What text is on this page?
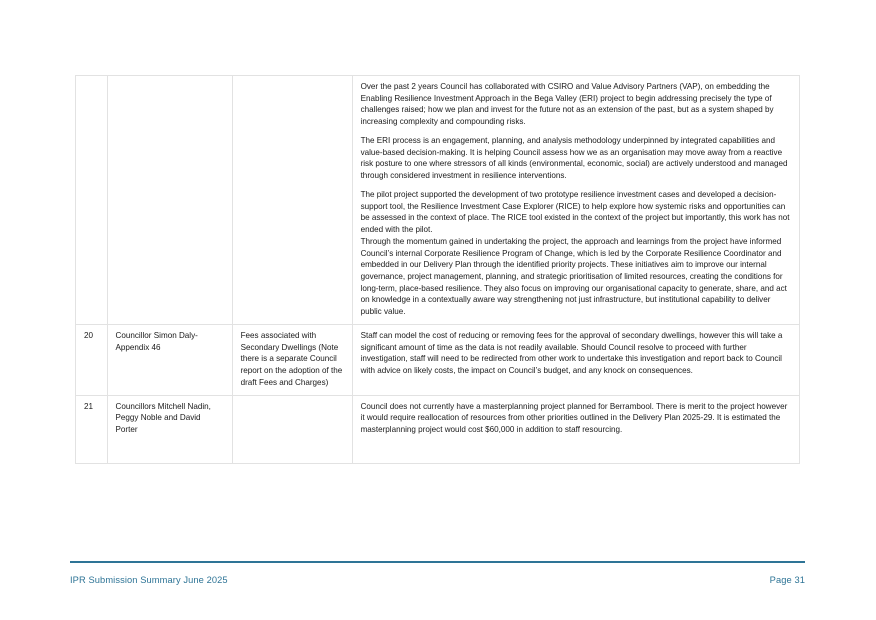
			Over the past 2 years Council has collaborated with CSIRO and Value Advisory Partners (VAP), on embedding the Enabling Resilience Investment Approach in the Bega Valley (ERI) project to begin addressing precisely the type of challenges raised; how we plan and invest for the future not as an extension of the past, but as a system shaped by increasing complexity and compounding risks.

The ERI process is an engagement, planning, and analysis methodology underpinned by integrated capabilities and value-based decision-making. It is helping Council assess how we as an organisation may move away from a reactive risk posture to one where stressors of all kinds (environmental, economic, social) are actively understood and managed through considered investment in resilience interventions.

The pilot project supported the development of two prototype resilience investment cases and developed a decision-support tool, the Resilience Investment Case Explorer (RICE) to help explore how systemic risks and opportunities can be assessed in the context of place. The RICE tool existed in the context of the project but importantly, this work has not ended with the pilot.

Through the momentum gained in undertaking the project, the approach and learnings from the project have informed Council’s internal Corporate Resilience Program of Change, which is led by the Corporate Resilience Coordinator and embedded in our Delivery Plan through the identified priority projects. These initiatives aim to improve our internal governance, project management, planning, and strategic prioritisation of limited resources, creating the conditions for long-term, place-based resilience. They also focus on improving our organisational capacity to generate, share, and act on knowledge in a contextually aware way strengthening not just infrastructure, but institutional capability to deliver public value.

20	Councillor Simon Daly- Appendix 46	Fees associated with Secondary Dwellings (Note there is a separate Council report on the adoption of the draft Fees and Charges)	Staff can model the cost of reducing or removing fees for the approval of secondary dwellings, however this will take a significant amount of time as the data is not readily available. Should Council resolve to proceed with further investigation, staff will need to be redirected from other work to undertake this investigation and report back to Council with advice on likely costs, the impact on Council’s budget, and any knock on consequences.

21	Councillors Mitchell Nadin, Peggy Noble and David Porter		Council does not currently have a masterplanning project planned for Berrambool. There is merit to the project however it would require reallocation of resources from other priorities outlined in the Delivery Plan 2025-29. It is estimated the masterplanning project would cost $60,000 in addition to staff resourcing.

IPR Submission Summary June 2025	Page 31
